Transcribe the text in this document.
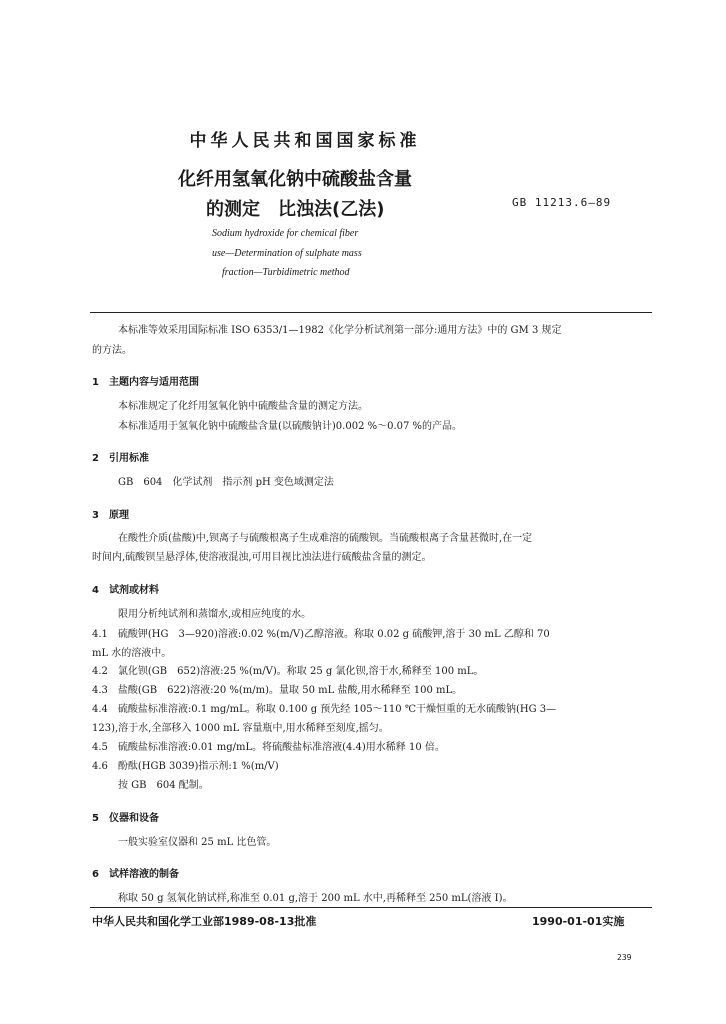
中华人民共和国国家标准
化纤用氢氧化钠中硫酸盐含量
的测定　比浊法(乙法)	GB 11213.6—89
Sodium hydroxide for chemical fiber
use—Determination of sulphate mass
fraction—Turbidimetric method
本标准等效采用国际标准 ISO 6353/1—1982《化学分析试剂第一部分:通用方法》中的 GM 3 规定
的方法。
1　主题内容与适用范围
本标准规定了化纤用氢氧化钠中硫酸盐含量的测定方法。
本标准适用于氢氧化钠中硫酸盐含量(以硫酸钠计)0.002 %～0.07 %的产品。
2　引用标准
GB　604　化学试剂　指示剂 pH 变色域测定法
3　原理
在酸性介质(盐酸)中,钡离子与硫酸根离子生成难溶的硫酸钡。当硫酸根离子含量甚微时,在一定
时间内,硫酸钡呈悬浮体,使溶液混浊,可用目视比浊法进行硫酸盐含量的测定。
4　试剂或材料
限用分析纯试剂和蒸馏水,或相应纯度的水。
4.1　硫酸钾(HG　3—920)溶液:0.02 %(m/V)乙醇溶液。称取 0.02 g 硫酸钾,溶于 30 mL 乙醇和 70
mL 水的溶液中。
4.2　氯化钡(GB　652)溶液:25 %(m/V)。称取 25 g 氯化钡,溶于水,稀释至 100 mL。
4.3　盐酸(GB　622)溶液:20 %(m/m)。量取 50 mL 盐酸,用水稀释至 100 mL。
4.4　硫酸盐标准溶液:0.1 mg/mL。称取 0.100 g 预先经 105～110 ℃干燥恒重的无水硫酸钠(HG 3—
123),溶于水,全部移入 1000 mL 容量瓶中,用水稀释至刻度,摇匀。
4.5　硫酸盐标准溶液:0.01 mg/mL。将硫酸盐标准溶液(4.4)用水稀释 10 倍。
4.6　酚酞(HGB 3039)指示剂:1 %(m/V)
按 GB　604 配制。
5　仪器和设备
一般实验室仪器和 25 mL 比色管。
6　试样溶液的制备
称取 50 g 氢氧化钠试样,称准至 0.01 g,溶于 200 mL 水中,再稀释至 250 mL(溶液 I)。
中华人民共和国化学工业部1989-08-13批准	1990-01-01实施
239
